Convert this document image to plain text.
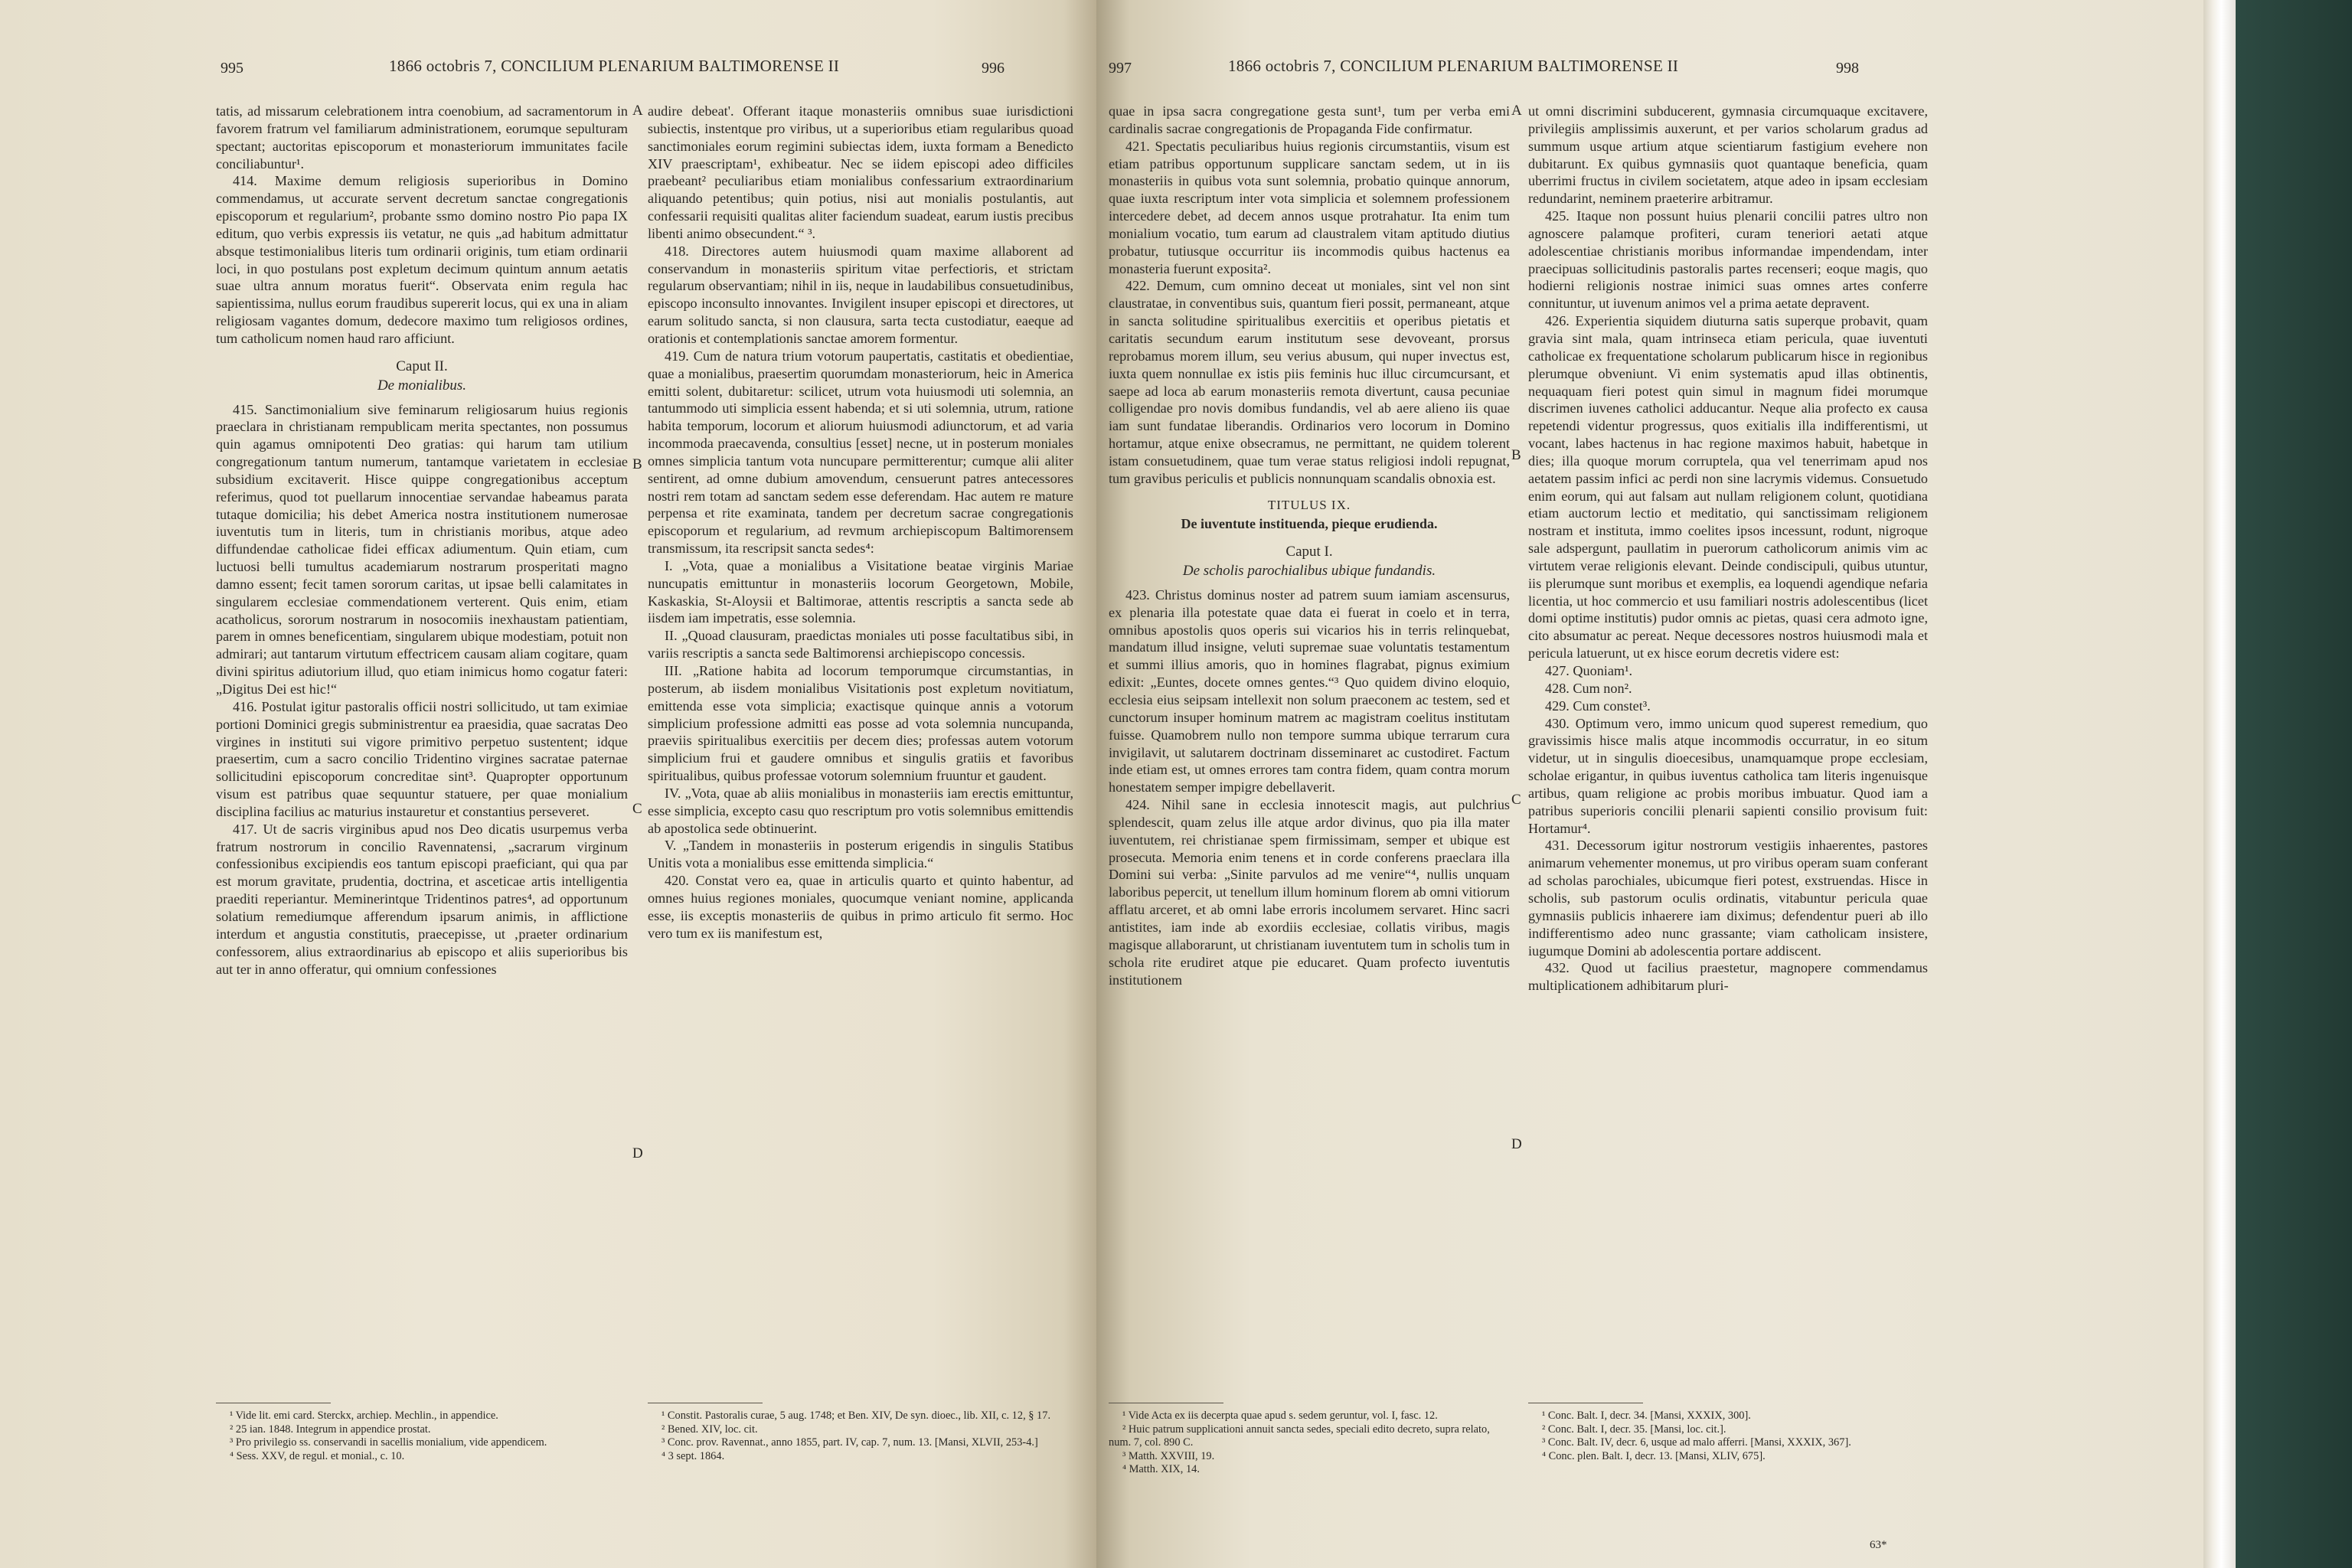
995	1866 octobris 7, CONCILIUM PLENARIUM BALTIMORENSE II	996

tatis, ad missarum celebrationem intra coenobium, ad sacramentorum in favorem fratrum vel familiarum administrationem, eorumque sepulturam spectant; auctoritas episcoporum et monasteriorum immunitates facile conciliabuntur¹.

414. Maxime demum religiosis superioribus in Domino commendamus, ut accurate servent decretum sanctae congregationis episcoporum et regularium², probante ssmo domino nostro Pio papa IX editum, quo verbis expressis iis vetatur, ne quis „ad habitum admittatur absque testimonialibus literis tum ordinarii originis, tum etiam ordinarii loci, in quo postulans post expletum decimum quintum annum aetatis suae ultra annum moratus fuerit“. Observata enim regula hac sapientissima, nullus eorum fraudibus supererit locus, qui ex una in aliam religiosam vagantes domum, dedecore maximo tum religiosos ordines, tum catholicum nomen haud raro afficiunt.

Caput II.
De monialibus.

415. Sanctimonialium sive feminarum religiosarum huius regionis praeclara in christianam rempublicam merita spectantes, non possumus quin agamus omnipotenti Deo gratias: qui harum tam utilium congregationum tantum numerum, tantamque varietatem in ecclesiae subsidium excitaverit. Hisce quippe congregationibus acceptum referimus, quod tot puellarum innocentiae servandae habeamus parata tutaque domicilia; his debet America nostra institutionem numerosae iuventutis tum in literis, tum in christianis moribus, atque adeo diffundendae catholicae fidei efficax adiumentum. Quin etiam, cum luctuosi belli tumultus academiarum nostrarum prosperitati magno damno essent; fecit tamen sororum caritas, ut ipsae belli calamitates in singularem ecclesiae commendationem verterent. Quis enim, etiam acatholicus, sororum nostrarum in nosocomiis inexhaustam patientiam, parem in omnes beneficentiam, singularem ubique modestiam, potuit non admirari; aut tantarum virtutum effectricem causam aliam cogitare, quam divini spiritus adiutorium illud, quo etiam inimicus homo cogatur fateri: „Digitus Dei est hic!“

416. Postulat igitur pastoralis officii nostri sollicitudo, ut tam eximiae portioni Dominici gregis subministrentur ea praesidia, quae sacratas Deo virgines in instituti sui vigore primitivo perpetuo sustentent; idque praesertim, cum a sacro concilio Tridentino virgines sacratae paternae sollicitudini episcoporum concreditae sint³. Quapropter opportunum visum est patribus quae sequuntur statuere, per quae monialium disciplina facilius ac maturius instauretur et constantius perseveret.

417. Ut de sacris virginibus apud nos Deo dicatis usurpemus verba fratrum nostrorum in concilio Ravennatensi, „sacrarum virginum confessionibus excipiendis eos tantum episcopi praeficiant, qui qua par est morum gravitate, prudentia, doctrina, et asceticae artis intelligentia praediti reperiantur. Meminerintque Tridentinos patres⁴, ad opportunum solatium remediumque afferendum ipsarum animis, in afflictione interdum et angustia constitutis, praecepisse, ut ‚praeter ordinarium confessorem, alius extraordinarius ab episcopo et aliis superioribus bis aut ter in anno offeratur, qui omnium confessiones

audire debeat'. Offerant itaque monasteriis omnibus suae iurisdictioni subiectis, instentque pro viribus, ut a superioribus etiam regularibus quoad sanctimoniales eorum regimini subiectas idem, iuxta formam a Benedicto XIV praescriptam¹, exhibeatur. Nec se iidem episcopi adeo difficiles praebeant² peculiaribus etiam monialibus confessarium extraordinarium aliquando petentibus; quin potius, nisi aut monialis postulantis, aut confessarii requisiti qualitas aliter faciendum suadeat, earum iustis precibus libenti animo obsecundent.“ ³.

418. Directores autem huiusmodi quam maxime allaborent ad conservandum in monasteriis spiritum vitae perfectioris, et strictam regularum observantiam; nihil in iis, neque in laudabilibus consuetudinibus, episcopo inconsulto innovantes. Invigilent insuper episcopi et directores, ut earum solitudo sancta, si non clausura, sarta tecta custodiatur, eaeque ad orationis et contemplationis sanctae amorem formentur.

419. Cum de natura trium votorum paupertatis, castitatis et obedientiae, quae a monialibus, praesertim quorumdam monasteriorum, heic in America emitti solent, dubitaretur: scilicet, utrum vota huiusmodi uti solemnia, an tantummodo uti simplicia essent habenda; et si uti solemnia, utrum, ratione habita temporum, locorum et aliorum huiusmodi adiunctorum, et ad varia incommoda praecavenda, consultius [esset] necne, ut in posterum moniales omnes simplicia tantum vota nuncupare permitterentur; cumque alii aliter sentirent, ad omne dubium amovendum, censuerunt patres antecessores nostri rem totam ad sanctam sedem esse deferendam. Hac autem re mature perpensa et rite examinata, tandem per decretum sacrae congregationis episcoporum et regularium, ad revmum archiepiscopum Baltimorensem transmissum, ita rescripsit sancta sedes⁴:

I. „Vota, quae a monialibus a Visitatione beatae virginis Mariae nuncupatis emittuntur in monasteriis locorum Georgetown, Mobile, Kaskaskia, St-Aloysii et Baltimorae, attentis rescriptis a sancta sede ab iisdem iam impetratis, esse solemnia.

II. „Quoad clausuram, praedictas moniales uti posse facultatibus sibi, in variis rescriptis a sancta sede Baltimorensi archiepiscopo concessis.

III. „Ratione habita ad locorum temporumque circumstantias, in posterum, ab iisdem monialibus Visitationis post expletum novitiatum, emittenda esse vota simplicia; exactisque quinque annis a votorum simplicium professione admitti eas posse ad vota solemnia nuncupanda, praeviis spiritualibus exercitiis per decem dies; professas autem votorum simplicium frui et gaudere omnibus et singulis gratiis et favoribus spiritualibus, quibus professae votorum solemnium fruuntur et gaudent.

IV. „Vota, quae ab aliis monialibus in monasteriis iam erectis emittuntur, esse simplicia, excepto casu quo rescriptum pro votis solemnibus emittendis ab apostolica sede obtinuerint.

V. „Tandem in monasteriis in posterum erigendis in singulis Statibus Unitis vota a monialibus esse emittenda simplicia.“

420. Constat vero ea, quae in articulis quarto et quinto habentur, ad omnes huius regiones moniales, quocumque veniant nomine, applicanda esse, iis exceptis monasteriis de quibus in primo articulo fit sermo. Hoc vero tum ex iis manifestum est,

A
B
C
D

¹ Vide lit. emi card. Sterckx, archiep. Mechlin., in appendice.

² 25 ian. 1848. Integrum in appendice prostat.

³ Pro privilegio ss. conservandi in sacellis monialium, vide appendicem.

⁴ Sess. XXV, de regul. et monial., c. 10.

¹ Constit. Pastoralis curae, 5 aug. 1748; et Ben. XIV, De syn. dioec., lib. XII, c. 12, § 17.

² Bened. XIV, loc. cit.

³ Conc. prov. Ravennat., anno 1855, part. IV, cap. 7, num. 13. [Mansi, XLVII, 253-4.]

⁴ 3 sept. 1864.

997	1866 octobris 7, CONCILIUM PLENARIUM BALTIMORENSE II	998

quae in ipsa sacra congregatione gesta sunt¹, tum per verba emi cardinalis sacrae congregationis de Propaganda Fide confirmatur.

421. Spectatis peculiaribus huius regionis circumstantiis, visum est etiam patribus opportunum supplicare sanctam sedem, ut in iis monasteriis in quibus vota sunt solemnia, probatio quinque annorum, quae iuxta rescriptum inter vota simplicia et solemnem professionem intercedere debet, ad decem annos usque protrahatur. Ita enim tum monialium vocatio, tum earum ad claustralem vitam aptitudo diutius probatur, tutiusque occurritur iis incommodis quibus hactenus ea monasteria fuerunt exposita².

422. Demum, cum omnino deceat ut moniales, sint vel non sint claustratae, in conventibus suis, quantum fieri possit, permaneant, atque in sancta solitudine spiritualibus exercitiis et operibus pietatis et caritatis secundum earum institutum sese devoveant, prorsus reprobamus morem illum, seu verius abusum, qui nuper invectus est, iuxta quem nonnullae ex istis piis feminis huc illuc circumcursant, et saepe ad loca ab earum monasteriis remota divertunt, causa pecuniae colligendae pro novis domibus fundandis, vel ab aere alieno iis quae iam sunt fundatae liberandis. Ordinarios vero locorum in Domino hortamur, atque enixe obsecramus, ne permittant, ne quidem tolerent istam consuetudinem, quae tum verae status religiosi indoli repugnat, tum gravibus periculis et publicis nonnunquam scandalis obnoxia est.

TITULUS IX.
De iuventute instituenda, pieque erudienda.
Caput I.
De scholis parochialibus ubique fundandis.

423. Christus dominus noster ad patrem suum iamiam ascensurus, ex plenaria illa potestate quae data ei fuerat in coelo et in terra, omnibus apostolis quos operis sui vicarios his in terris relinquebat, mandatum illud insigne, veluti supremae suae voluntatis testamentum et summi illius amoris, quo in homines flagrabat, pignus eximium edixit: „Euntes, docete omnes gentes.“³ Quo quidem divino eloquio, ecclesia eius seipsam intellexit non solum praeconem ac testem, sed et cunctorum insuper hominum matrem ac magistram coelitus institutam fuisse. Quamobrem nullo non tempore summa ubique terrarum cura invigilavit, ut salutarem doctrinam disseminaret ac custodiret. Factum inde etiam est, ut omnes errores tam contra fidem, quam contra morum honestatem semper impigre debellaverit.

424. Nihil sane in ecclesia innotescit magis, aut pulchrius splendescit, quam zelus ille atque ardor divinus, quo pia illa mater iuventutem, rei christianae spem firmissimam, semper et ubique est prosecuta. Memoria enim tenens et in corde conferens praeclara illa Domini sui verba: „Sinite parvulos ad me venire“⁴, nullis unquam laboribus pepercit, ut tenellum illum hominum florem ab omni vitiorum afflatu arceret, et ab omni labe erroris incolumem servaret. Hinc sacri antistites, iam inde ab exordiis ecclesiae, collatis viribus, magis magisque allaborarunt, ut christianam iuventutem tum in scholis tum in schola rite erudiret atque pie educaret. Quam profecto iuventutis institutionem

ut omni discrimini subducerent, gymnasia circumquaque excitavere, privilegiis amplissimis auxerunt, et per varios scholarum gradus ad summum usque artium atque scientiarum fastigium evehere non dubitarunt. Ex quibus gymnasiis quot quantaque beneficia, quam uberrimi fructus in civilem societatem, atque adeo in ipsam ecclesiam redundarint, neminem praeterire arbitramur.

425. Itaque non possunt huius plenarii concilii patres ultro non agnoscere palamque profiteri, curam teneriori aetati atque adolescentiae christianis moribus informandae impendendam, inter praecipuas sollicitudinis pastoralis partes recenseri; eoque magis, quo hodierni religionis nostrae inimici suas omnes artes conferre connituntur, ut iuvenum animos vel a prima aetate depravent.

426. Experientia siquidem diuturna satis superque probavit, quam gravia sint mala, quam intrinseca etiam pericula, quae iuventuti catholicae ex frequentatione scholarum publicarum hisce in regionibus plerumque obveniunt. Vi enim systematis apud illas obtinentis, nequaquam fieri potest quin simul in magnum fidei morumque discrimen iuvenes catholici adducantur. Neque alia profecto ex causa repetendi videntur progressus, quos exitialis illa indifferentismi, ut vocant, labes hactenus in hac regione maximos habuit, habetque in dies; illa quoque morum corruptela, qua vel tenerrimam apud nos aetatem passim infici ac perdi non sine lacrymis videmus. Consuetudo enim eorum, qui aut falsam aut nullam religionem colunt, quotidiana etiam auctorum lectio et meditatio, qui sanctissimam religionem nostram et instituta, immo coelites ipsos incessunt, rodunt, nigroque sale adspergunt, paullatim in puerorum catholicorum animis vim ac virtutem verae religionis elevant. Deinde condiscipuli, quibus utuntur, iis plerumque sunt moribus et exemplis, ea loquendi agendique nefaria licentia, ut hoc commercio et usu familiari nostris adolescentibus (licet domi optime institutis) pudor omnis ac pietas, quasi cera admoto igne, cito absumatur ac pereat. Neque decessores nostros huiusmodi mala et pericula latuerunt, ut ex hisce eorum decretis videre est:

427. Quoniam¹.

428. Cum non².

429. Cum constet³.

430. Optimum vero, immo unicum quod superest remedium, quo gravissimis hisce malis atque incommodis occurratur, in eo situm videtur, ut in singulis dioecesibus, unamquamque prope ecclesiam, scholae erigantur, in quibus iuventus catholica tam literis ingenuisque artibus, quam religione ac probis moribus imbuatur. Quod iam a patribus superioris concilii plenarii sapienti consilio provisum fuit: Hortamur⁴.

431. Decessorum igitur nostrorum vestigiis inhaerentes, pastores animarum vehementer monemus, ut pro viribus operam suam conferant ad scholas parochiales, ubicumque fieri potest, exstruendas. Hisce in scholis, sub pastorum oculis ordinatis, vitabuntur pericula quae gymnasiis publicis inhaerere iam diximus; defendentur pueri ab illo indifferentismo adeo nunc grassante; viam catholicam insistere, iugumque Domini ab adolescentia portare addiscent.

432. Quod ut facilius praestetur, magnopere commendamus multiplicationem adhibitarum pluri-

A
B
C
D

¹ Vide Acta ex iis decerpta quae apud s. sedem geruntur, vol. I, fasc. 12.

² Huic patrum supplicationi annuit sancta sedes, speciali edito decreto, supra relato, num. 7, col. 890 C.

³ Matth. XXVIII, 19.

⁴ Matth. XIX, 14.

¹ Conc. Balt. I, decr. 34. [Mansi, XXXIX, 300].

² Conc. Balt. I, decr. 35. [Mansi, loc. cit.].

³ Conc. Balt. IV, decr. 6, usque ad malo afferri. [Mansi, XXXIX, 367].

⁴ Conc. plen. Balt. I, decr. 13. [Mansi, XLIV, 675].

63*
